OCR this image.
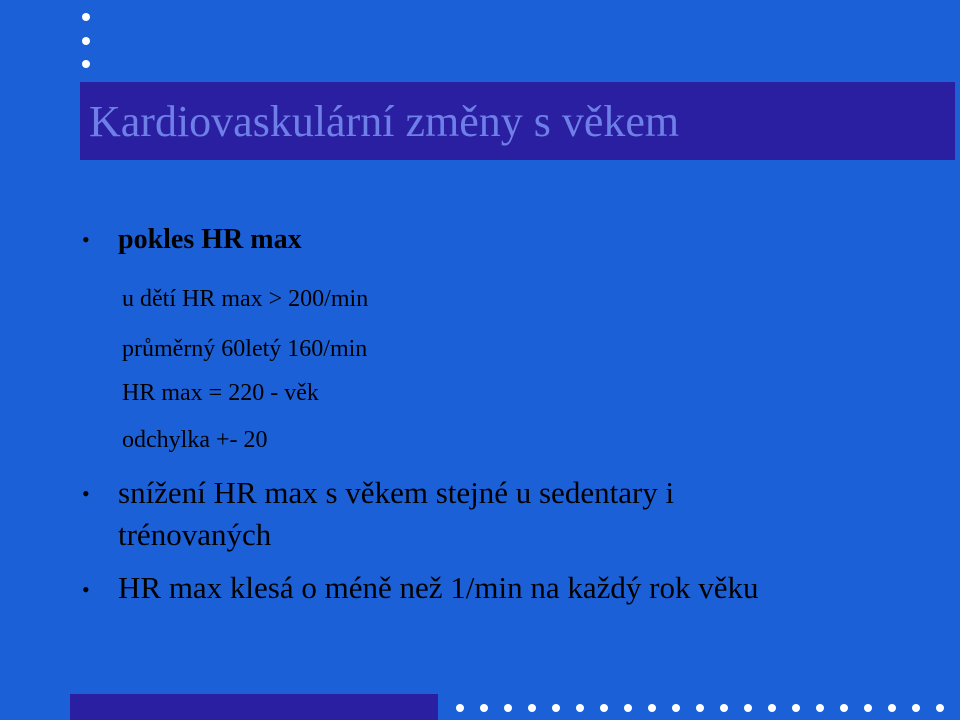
Kardiovaskulární změny s věkem
• pokles HR max
u dětí HR max > 200/min
průměrný 60letý 160/min
HR max = 220 - věk
odchylka +- 20
• snížení HR max s věkem stejné u sedentary i trénovaných
• HR max klesá o méně než 1/min na každý rok věku
